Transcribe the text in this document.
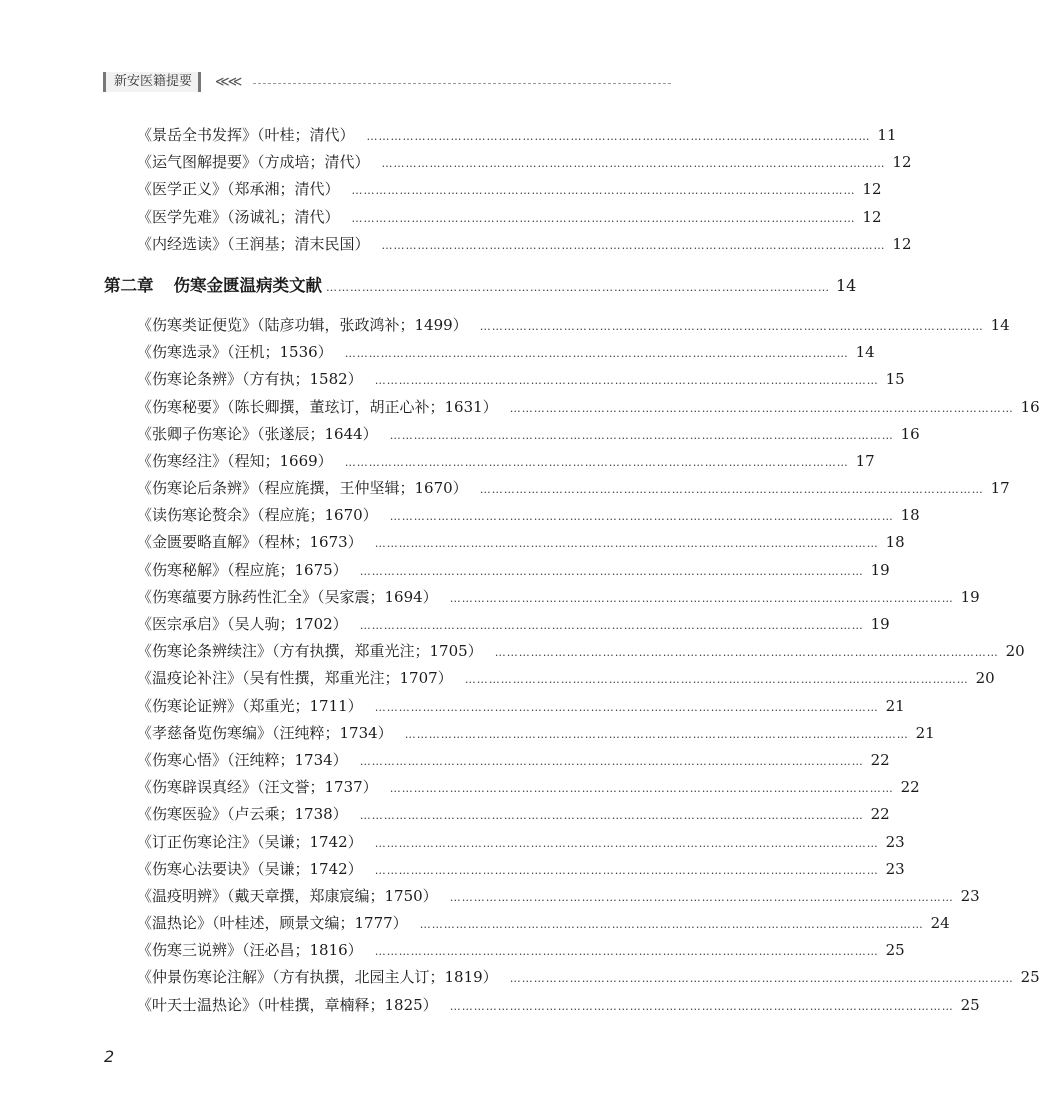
新安医籍提要	≪≪
《景岳全书发挥》（叶桂；清代） ……………………………………………………………………………………………………………… 11
《运气图解提要》（方成培；清代） ……………………………………………………………………………………………………………… 12
《医学正义》（郑承湘；清代） ……………………………………………………………………………………………………………… 12
《医学先难》（汤诚礼；清代） ……………………………………………………………………………………………………………… 12
《内经选读》（王润基；清末民国） ……………………………………………………………………………………………………………… 12
第二章 伤寒金匮温病类文献 ……………………………………………………………………………………………………………… 14
《伤寒类证便览》（陆彦功辑，张政鸿补；1499） ……………………………………………………………………………………………………………… 14
《伤寒选录》（汪机；1536） ……………………………………………………………………………………………………………… 14
《伤寒论条辨》（方有执；1582） ……………………………………………………………………………………………………………… 15
《伤寒秘要》（陈长卿撰，董玹订，胡正心补；1631） ……………………………………………………………………………………………………………… 16
《张卿子伤寒论》（张遂辰；1644） ……………………………………………………………………………………………………………… 16
《伤寒经注》（程知；1669） ……………………………………………………………………………………………………………… 17
《伤寒论后条辨》（程应旄撰，王仲坚辑；1670） ……………………………………………………………………………………………………………… 17
《读伤寒论赘余》（程应旄；1670） ……………………………………………………………………………………………………………… 18
《金匮要略直解》（程林；1673） ……………………………………………………………………………………………………………… 18
《伤寒秘解》（程应旄；1675） ……………………………………………………………………………………………………………… 19
《伤寒蕴要方脉药性汇全》（吴家震；1694） ……………………………………………………………………………………………………………… 19
《医宗承启》（吴人驹；1702） ……………………………………………………………………………………………………………… 19
《伤寒论条辨续注》（方有执撰，郑重光注；1705） ……………………………………………………………………………………………………………… 20
《温疫论补注》（吴有性撰，郑重光注；1707） ……………………………………………………………………………………………………………… 20
《伤寒论证辨》（郑重光；1711） ……………………………………………………………………………………………………………… 21
《孝慈备览伤寒编》（汪纯粹；1734） ……………………………………………………………………………………………………………… 21
《伤寒心悟》（汪纯粹；1734） ……………………………………………………………………………………………………………… 22
《伤寒辟误真经》（汪文誉；1737） ……………………………………………………………………………………………………………… 22
《伤寒医验》（卢云乘；1738） ……………………………………………………………………………………………………………… 22
《订正伤寒论注》（吴谦；1742） ……………………………………………………………………………………………………………… 23
《伤寒心法要诀》（吴谦；1742） ……………………………………………………………………………………………………………… 23
《温疫明辨》（戴天章撰，郑康宸编；1750） ……………………………………………………………………………………………………………… 23
《温热论》（叶桂述，顾景文编；1777） ……………………………………………………………………………………………………………… 24
《伤寒三说辨》（汪必昌；1816） ……………………………………………………………………………………………………………… 25
《仲景伤寒论注解》（方有执撰，北园主人订；1819） ……………………………………………………………………………………………………………… 25
《叶天士温热论》（叶桂撰，章楠释；1825） ……………………………………………………………………………………………………………… 25
2
